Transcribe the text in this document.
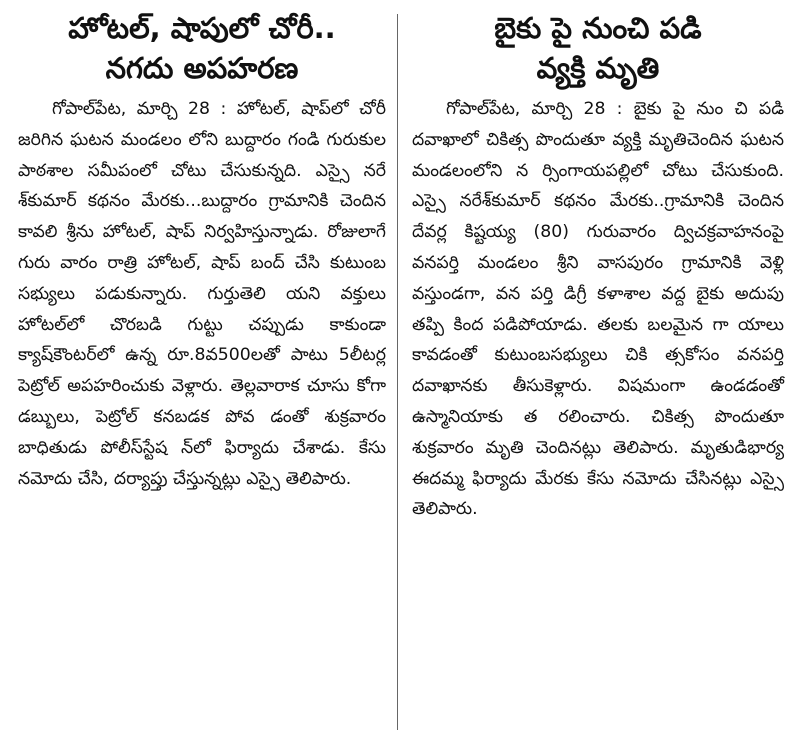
హోటల్, షాపులో చోరీ..
నగదు అపహరణ

గోపాల్‌పేట, మార్చి 28 : హోటల్, షాప్‌లో చోరీ జరిగిన ఘటన మండలం లోని బుద్దారం గండి గురుకుల పాఠశాల సమీపంలో చోటు చేసుకున్నది. ఎస్సై నరే శ్‌కుమార్ కథనం మేరకు...బుద్దారం గ్రామానికి చెందిన కావలి శ్రీను హోటల్, షాప్ నిర్వహిస్తున్నాడు. రోజులాగే గురు వారం రాత్రి హోటల్, షాప్ బంద్ చేసి కుటుంబ సభ్యులు పడుకున్నారు. గుర్తుతెలి యని వక్తులు హోటల్‌లో చొరబడి గుట్టు చప్పుడు కాకుండా క్యాష్‌కౌంటర్‌లో ఉన్న రూ.8వ500లతో పాటు 5లీటర్ల పెట్రోల్ అపహరించుకు వెళ్లారు. తెల్లవారాక చూసు కోగా డబ్బులు, పెట్రోల్ కనబడక పోవ డంతో శుక్రవారం బాధితుడు పోలీస్‌స్టేష న్‌లో ఫిర్యాదు చేశాడు. కేసు నమోదు చేసి, దర్యాప్తు చేస్తున్నట్లు ఎస్సై తెలిపారు.

బైకు పై నుంచి పడి
వ్యక్తి మృతి

గోపాల్‌పేట, మార్చి 28 : బైకు పై నుం చి పడి దవాఖాలో చికిత్స పొందుతూ వ్యక్తి మృతిచెందిన ఘటన మండలంలోని న ర్సింగాయపల్లిలో చోటు చేసుకుంది. ఎస్సై నరేశ్‌కుమార్ కథనం మేరకు..గ్రామానికి చెందిన దేవర్ల కిష్టయ్య (80) గురువారం ద్విచక్రవాహనంపై వనపర్తి మండలం శ్రీని వాసపురం గ్రామానికి వెళ్లి వస్తుండగా, వన పర్తి డిగ్రీ కళాశాల వద్ద బైకు అదుపు తప్పి కింద పడిపోయాడు. తలకు బలమైన గా యాలు కావడంతో కుటుంబసభ్యులు చికి త్సకోసం వనపర్తి దవాఖానకు తీసుకెళ్లారు. విషమంగా ఉండడంతో ఉస్మానియాకు త రలించారు. చికిత్స పొందుతూ శుక్రవారం మృతి చెందినట్లు తెలిపారు. మృతుడిభార్య ఈదమ్మ ఫిర్యాదు మేరకు కేసు నమోదు చేసినట్లు ఎస్సై తెలిపారు.
